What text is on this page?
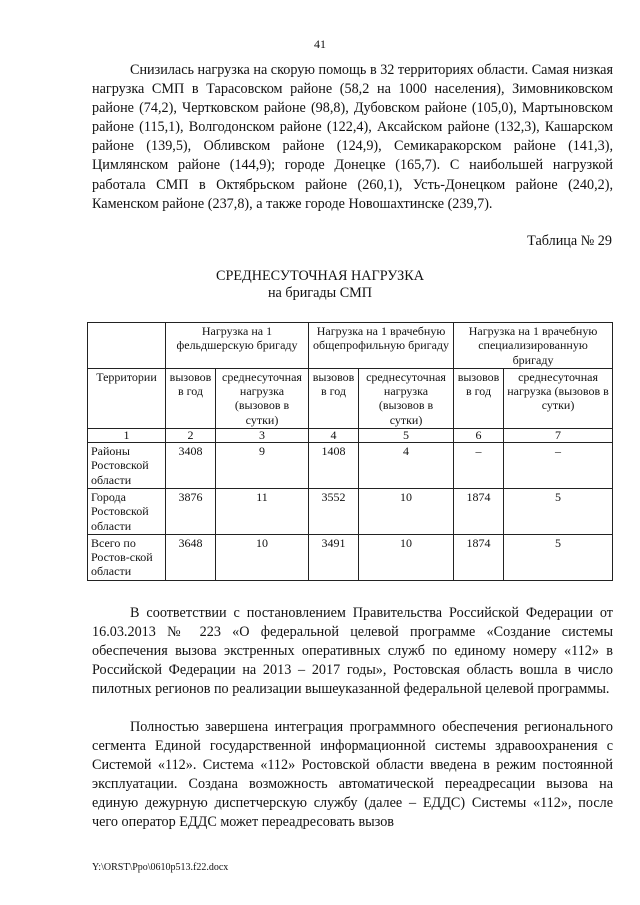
41

Снизилась нагрузка на скорую помощь в 32 территориях области. Самая низкая нагрузка СМП в Тарасовском районе (58,2 на 1000 населения), Зимовниковском районе (74,2), Чертковском районе (98,8), Дубовском районе (105,0), Мартыновском районе (115,1), Волгодонском районе (122,4), Аксайском районе (132,3), Кашарском районе (139,5), Обливском районе (124,9), Семикаракорском районе (141,3), Цимлянском районе (144,9); городе Донецке (165,7). С наибольшей нагрузкой работала СМП в Октябрьском районе (260,1), Усть-Донецком районе (240,2), Каменском районе (237,8), а также городе Новошахтинске (239,7).

Таблица № 29
СРЕДНЕСУТОЧНАЯ НАГРУЗКА
на бригады СМП
	Нагрузка на 1 фельдшерскую бригаду		Нагрузка на 1 врачебную общепрофильную бригаду		Нагрузка на 1 врачебную специализированную бригаду	
Территории	вызовов в год	среднесуточная нагрузка (вызовов в сутки)	вызовов в год	среднесуточная нагрузка (вызовов в сутки)	вызовов в год	среднесуточная нагрузка (вызовов в сутки)
1	2	3	4	5	6	7
Районы Ростовской области	3408	9	1408	4	–	–
Города Ростовской области	3876	11	3552	10	1874	5
Всего по Ростов-ской области	3648	10	3491	10	1874	5

В соответствии с постановлением Правительства Российской Федерации от 16.03.2013 № 223 «О федеральной целевой программе «Создание системы обеспечения вызова экстренных оперативных служб по единому номеру «112» в Российской Федерации на 2013 – 2017 годы», Ростовская область вошла в число пилотных регионов по реализации вышеуказанной федеральной целевой программы.

Полностью завершена интеграция программного обеспечения регионального сегмента Единой государственной информационной системы здравоохранения с Системой «112». Система «112» Ростовской области введена в режим постоянной эксплуатации. Создана возможность автоматической переадресации вызова на единую дежурную диспетчерскую службу (далее – ЕДДС) Системы «112», после чего оператор ЕДДС может переадресовать вызов

Y:\ORST\Ppo\0610p513.f22.docx
